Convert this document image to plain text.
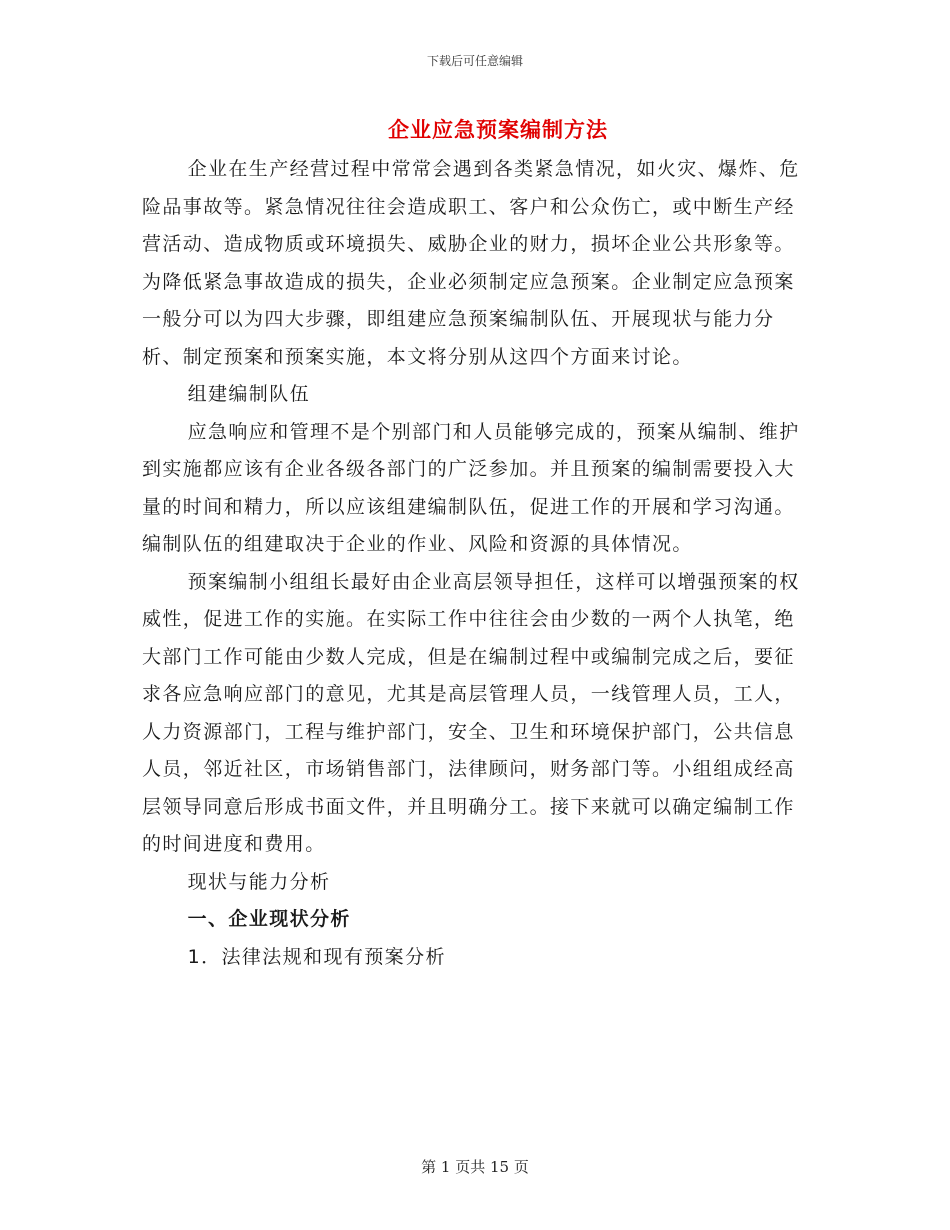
下载后可任意编辑
企业应急预案编制方法

企业在生产经营过程中常常会遇到各类紧急情况，如火灾、爆炸、危险品事故等。紧急情况往往会造成职工、客户和公众伤亡，或中断生产经营活动、造成物质或环境损失、威胁企业的财力，损坏企业公共形象等。为降低紧急事故造成的损失，企业必须制定应急预案。企业制定应急预案一般分可以为四大步骤，即组建应急预案编制队伍、开展现状与能力分析、制定预案和预案实施，本文将分别从这四个方面来讨论。

组建编制队伍

应急响应和管理不是个别部门和人员能够完成的，预案从编制、维护到实施都应该有企业各级各部门的广泛参加。并且预案的编制需要投入大量的时间和精力，所以应该组建编制队伍，促进工作的开展和学习沟通。编制队伍的组建取决于企业的作业、风险和资源的具体情况。

预案编制小组组长最好由企业高层领导担任，这样可以增强预案的权威性，促进工作的实施。在实际工作中往往会由少数的一两个人执笔，绝大部门工作可能由少数人完成，但是在编制过程中或编制完成之后，要征求各应急响应部门的意见，尤其是高层管理人员，一线管理人员，工人，人力资源部门，工程与维护部门，安全、卫生和环境保护部门，公共信息人员，邻近社区，市场销售部门，法律顾问，财务部门等。小组组成经高层领导同意后形成书面文件，并且明确分工。接下来就可以确定编制工作的时间进度和费用。

现状与能力分析

一、企业现状分析

1．法律法规和现有预案分析

第 1 页共 15 页
